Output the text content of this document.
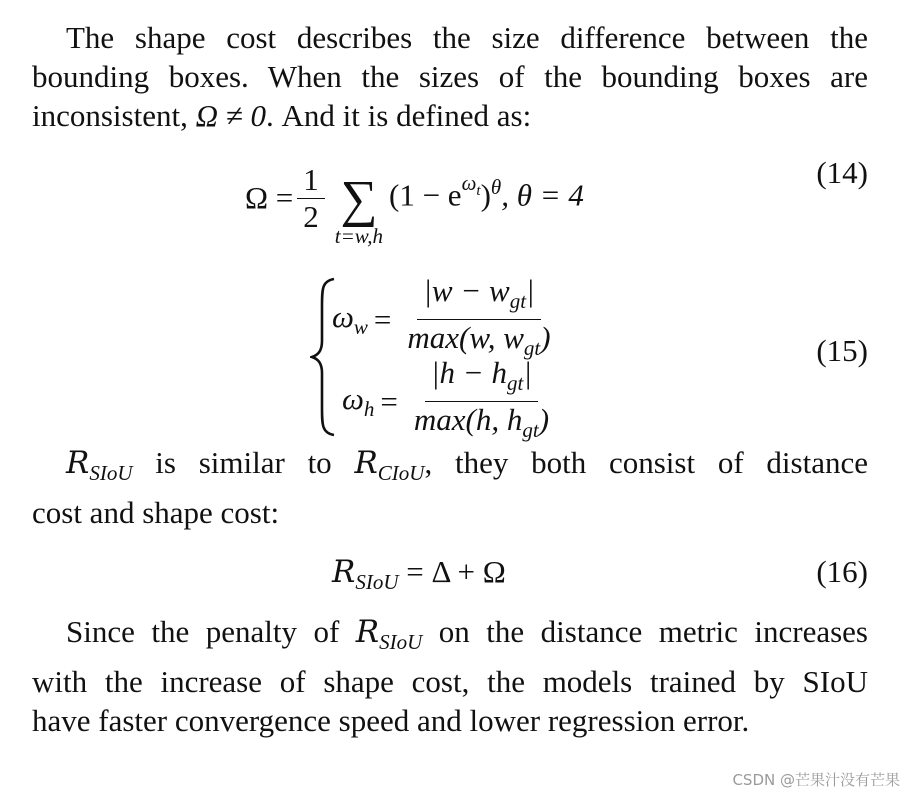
The shape cost describes the size difference between the
bounding boxes. When the sizes of the bounding boxes are
inconsistent, Ω ≠ 0. And it is defined as:

$\Omega = \frac{1}{2}$ ∑
t=w,h
$(1 - e^{\omega_t})^\theta$, θ = 4
(14)
$\omega_w = \frac{|w - w_{gt}|}{\max(w, w_{gt})}$
$\omega_h = \frac{|h - h_{gt}|}{\max(h, h_{gt})}$
(15)

$R_{SIoU}$ is similar to $R_{CIoU}$, they both consist of distance
cost and shape cost:

$R_{SIoU} = \Delta + \Omega$	(16)

Since the penalty of $R_{SIoU}$ on the distance metric increases
with the increase of shape cost, the models trained by SIoU
have faster convergence speed and lower regression error.

CSDN @芒果汁没有芒果
